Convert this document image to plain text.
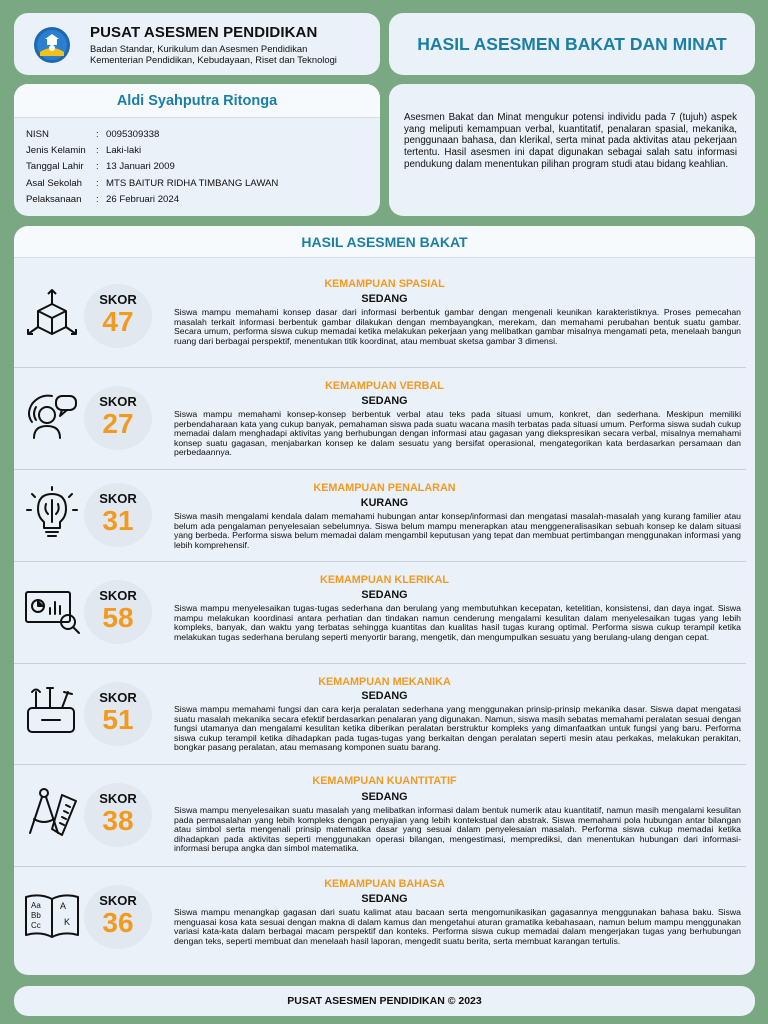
PUSAT ASESMEN PENDIDIKAN
Badan Standar, Kurikulum dan Asesmen Pendidikan
Kementerian Pendidikan, Kebudayaan, Riset dan Teknologi
HASIL ASESMEN BAKAT DAN MINAT
Aldi Syahputra Ritonga
NISN	: 0095309338
Jenis Kelamin	: Laki-laki
Tanggal Lahir	: 13 Januari 2009
Asal Sekolah	: MTS BAITUR RIDHA TIMBANG LAWAN
Pelaksanaan	: 26 Februari 2024
Asesmen Bakat dan Minat mengukur potensi individu pada 7 (tujuh) aspek yang meliputi kemampuan verbal, kuantitatif, penalaran spasial, mekanika, penggunaan bahasa, dan klerikal, serta minat pada aktivitas atau pekerjaan tertentu. Hasil asesmen ini dapat digunakan sebagai salah satu informasi pendukung dalam menentukan pilihan program studi atau bidang keahlian.
HASIL ASESMEN BAKAT
SKOR
47
KEMAMPUAN SPASIAL
SEDANG
Siswa mampu memahami konsep dasar dari informasi berbentuk gambar dengan mengenali keunikan karakteristiknya. Proses pemecahan masalah terkait informasi berbentuk gambar dilakukan dengan membayangkan, merekam, dan memahami perubahan bentuk suatu gambar. Secara umum, performa siswa cukup memadai ketika melakukan pekerjaan yang melibatkan gambar misalnya mengamati peta, menelaah bangun ruang dari berbagai perspektif, menentukan titik koordinat, atau membuat sketsa gambar 3 dimensi.
SKOR
27
KEMAMPUAN VERBAL
SEDANG
Siswa mampu memahami konsep-konsep berbentuk verbal atau teks pada situasi umum, konkret, dan sederhana. Meskipun memiliki perbendaharaan kata yang cukup banyak, pemahaman siswa pada suatu wacana masih terbatas pada situasi umum. Performa siswa sudah cukup memadai dalam menghadapi aktivitas yang berhubungan dengan informasi atau gagasan yang diekspresikan secara verbal, misalnya memahami konsep suatu gagasan, menjabarkan konsep ke dalam sesuatu yang bersifat operasional, mengategorikan kata berdasarkan persamaan dan perbedaannya.
SKOR
31
KEMAMPUAN PENALARAN
KURANG
Siswa masih mengalami kendala dalam memahami hubungan antar konsep/informasi dan mengatasi masalah-masalah yang kurang familier atau belum ada pengalaman penyelesaian sebelumnya. Siswa belum mampu menerapkan atau menggeneralisasikan sebuah konsep ke dalam situasi yang berbeda. Performa siswa belum memadai dalam mengambil keputusan yang tepat dan membuat pertimbangan menggunakan informasi yang lebih komprehensif.
SKOR
58
KEMAMPUAN KLERIKAL
SEDANG
Siswa mampu menyelesaikan tugas-tugas sederhana dan berulang yang membutuhkan kecepatan, ketelitian, konsistensi, dan daya ingat. Siswa mampu melakukan koordinasi antara perhatian dan tindakan namun cenderung mengalami kesulitan dalam menyelesaikan tugas yang lebih kompleks, banyak, dan waktu yang terbatas sehingga kuantitas dan kualitas hasil tugas kurang optimal. Performa siswa cukup terampil ketika melakukan tugas sederhana berulang seperti menyortir barang, mengetik, dan mengumpulkan sesuatu yang berulang-ulang dengan cepat.
SKOR
51
KEMAMPUAN MEKANIKA
SEDANG
Siswa mampu memahami fungsi dan cara kerja peralatan sederhana yang menggunakan prinsip-prinsip mekanika dasar. Siswa dapat mengatasi suatu masalah mekanika secara efektif berdasarkan penalaran yang digunakan. Namun, siswa masih sebatas memahami peralatan sesuai dengan fungsi utamanya dan mengalami kesulitan ketika diberikan peralatan berstruktur kompleks yang dimanfaatkan untuk fungsi yang baru. Performa siswa cukup terampil ketika dihadapkan pada tugas-tugas yang berkaitan dengan peralatan seperti mesin atau perkakas, melakukan perakitan, bongkar pasang peralatan, atau memasang komponen suatu barang.
SKOR
38
KEMAMPUAN KUANTITATIF
SEDANG
Siswa mampu menyelesaikan suatu masalah yang melibatkan informasi dalam bentuk numerik atau kuantitatif, namun masih mengalami kesulitan pada permasalahan yang lebih kompleks dengan penyajian yang lebih kontekstual dan abstrak. Siswa memahami pola hubungan antar bilangan atau simbol serta mengenali prinsip matematika dasar yang sesuai dalam penyelesaian masalah. Performa siswa cukup memadai ketika dihadapkan pada aktivitas seperti menggunakan operasi bilangan, mengestimasi, memprediksi, dan menentukan hubungan dari informasi-informasi berupa angka dan simbol matematika.
Aa
Bb
Cc
A
K
SKOR
36
KEMAMPUAN BAHASA
SEDANG
Siswa mampu menangkap gagasan dari suatu kalimat atau bacaan serta mengomunikasikan gagasannya menggunakan bahasa baku. Siswa menguasai kosa kata sesuai dengan makna di dalam kamus dan mengetahui aturan gramatika kebahasaan, namun belum mampu menggunakan variasi kata-kata dalam berbagai macam perspektif dan konteks. Performa siswa cukup memadai dalam mengerjakan tugas yang berhubungan dengan teks, seperti membuat dan menelaah hasil laporan, mengedit suatu berita, serta membuat karangan tertulis.
PUSAT ASESMEN PENDIDIKAN © 2023
